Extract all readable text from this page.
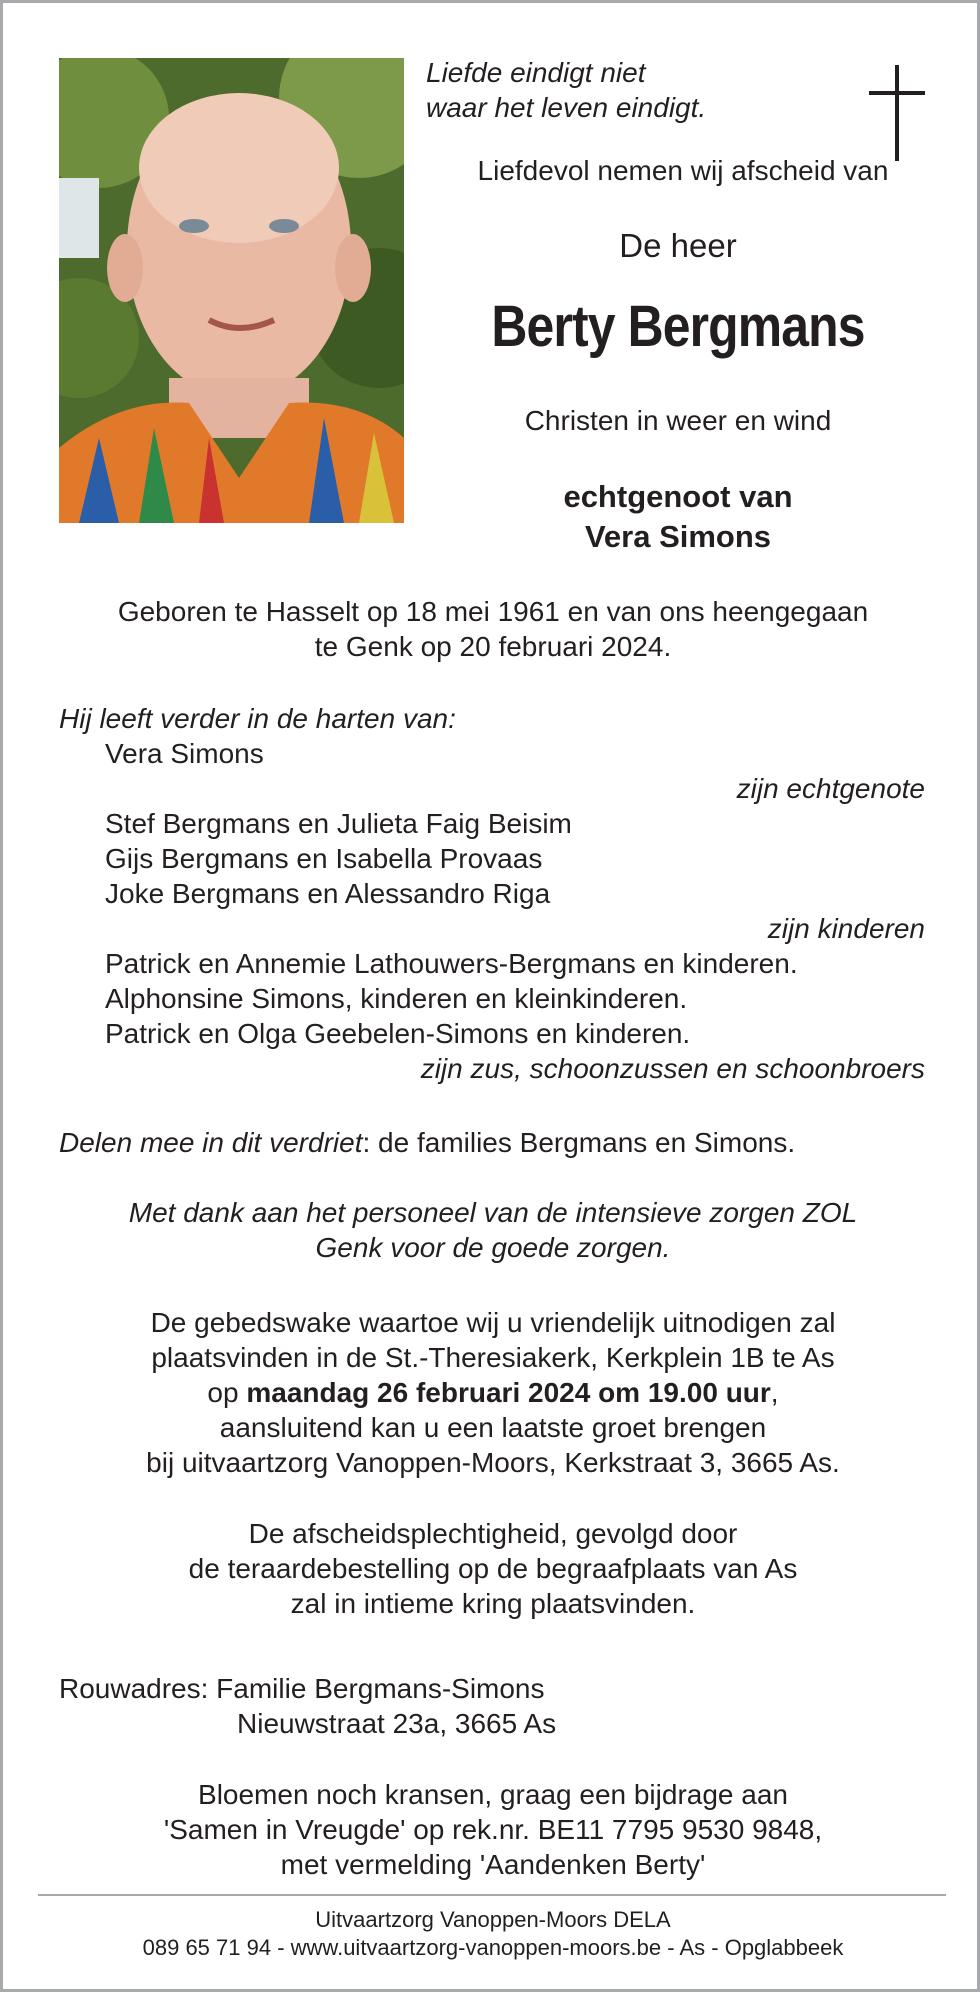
Liefde eindigt niet
waar het leven eindigt.
Liefdevol nemen wij afscheid van
De heer
Berty Bergmans
Christen in weer en wind
echtgenoot van
Vera Simons
Geboren te Hasselt op 18 mei 1961 en van ons heengegaan
te Genk op 20 februari 2024.
Hij leeft verder in de harten van:
Vera Simons
zijn echtgenote
Stef Bergmans en Julieta Faig Beisim
Gijs Bergmans en Isabella Provaas
Joke Bergmans en Alessandro Riga
zijn kinderen
Patrick en Annemie Lathouwers-Bergmans en kinderen.
Alphonsine Simons, kinderen en kleinkinderen.
Patrick en Olga Geebelen-Simons en kinderen.
zijn zus, schoonzussen en schoonbroers
Delen mee in dit verdriet: de families Bergmans en Simons.
Met dank aan het personeel van de intensieve zorgen ZOL
Genk voor de goede zorgen.
De gebedswake waartoe wij u vriendelijk uitnodigen zal
plaatsvinden in de St.-Theresiakerk, Kerkplein 1B te As
op maandag 26 februari 2024 om 19.00 uur,
aansluitend kan u een laatste groet brengen
bij uitvaartzorg Vanoppen-Moors, Kerkstraat 3, 3665 As.
De afscheidsplechtigheid, gevolgd door
de teraardebestelling op de begraafplaats van As
zal in intieme kring plaatsvinden.
Rouwadres: Familie Bergmans-Simons
Nieuwstraat 23a, 3665 As
Bloemen noch kransen, graag een bijdrage aan
'Samen in Vreugde' op rek.nr. BE11 7795 9530 9848,
met vermelding 'Aandenken Berty'
Uitvaartzorg Vanoppen-Moors DELA
089 65 71 94 - www.uitvaartzorg-vanoppen-moors.be - As - Opglabbeek
